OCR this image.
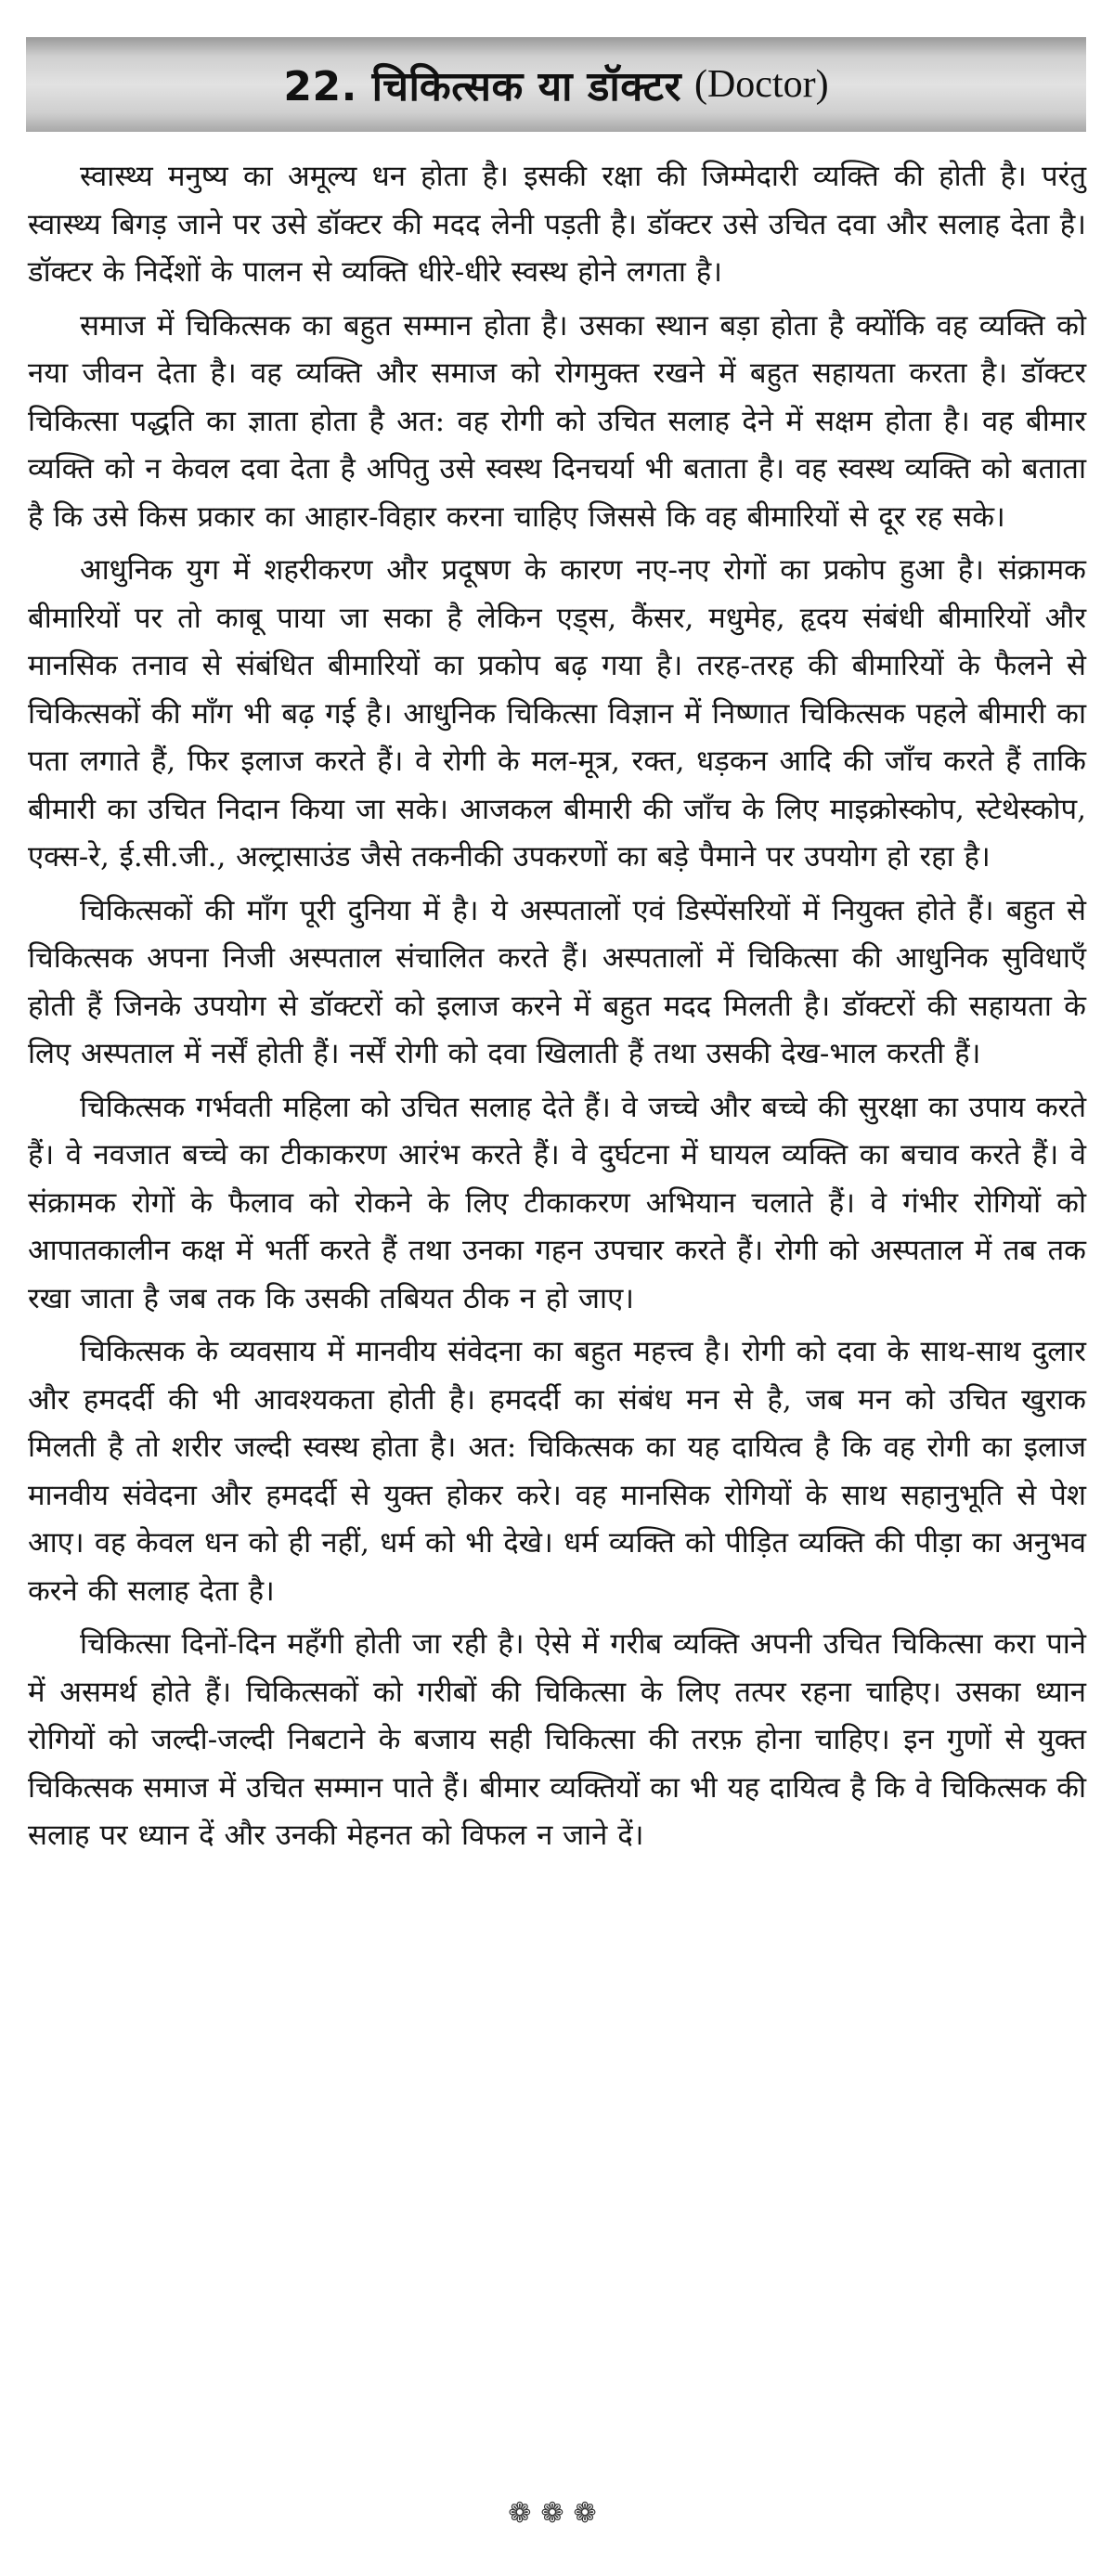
22. चिकित्सक या डॉक्टर (Doctor)

स्वास्थ्य मनुष्य का अमूल्य धन होता है। इसकी रक्षा की जिम्मेदारी व्यक्ति की होती है। परंतु स्वास्थ्य बिगड़ जाने पर उसे डॉक्टर की मदद लेनी पड़ती है। डॉक्टर उसे उचित दवा और सलाह देता है। डॉक्टर के निर्देशों के पालन से व्यक्ति धीरे-धीरे स्वस्थ होने लगता है।

समाज में चिकित्सक का बहुत सम्मान होता है। उसका स्थान बड़ा होता है क्योंकि वह व्यक्ति को नया जीवन देता है। वह व्यक्ति और समाज को रोगमुक्त रखने में बहुत सहायता करता है। डॉक्टर चिकित्सा पद्धति का ज्ञाता होता है अत: वह रोगी को उचित सलाह देने में सक्षम होता है। वह बीमार व्यक्ति को न केवल दवा देता है अपितु उसे स्वस्थ दिनचर्या भी बताता है। वह स्वस्थ व्यक्ति को बताता है कि उसे किस प्रकार का आहार-विहार करना चाहिए जिससे कि वह बीमारियों से दूर रह सके।

आधुनिक युग में शहरीकरण और प्रदूषण के कारण नए-नए रोगों का प्रकोप हुआ है। संक्रामक बीमारियों पर तो काबू पाया जा सका है लेकिन एड्स, कैंसर, मधुमेह, हृदय संबंधी बीमारियों और मानसिक तनाव से संबंधित बीमारियों का प्रकोप बढ़ गया है। तरह-तरह की बीमारियों के फैलने से चिकित्सकों की माँग भी बढ़ गई है। आधुनिक चिकित्सा विज्ञान में निष्णात चिकित्सक पहले बीमारी का पता लगाते हैं, फिर इलाज करते हैं। वे रोगी के मल-मूत्र, रक्त, धड़कन आदि की जाँच करते हैं ताकि बीमारी का उचित निदान किया जा सके। आजकल बीमारी की जाँच के लिए माइक्रोस्कोप, स्टेथेस्कोप, एक्स-रे, ई.सी.जी., अल्ट्रासाउंड जैसे तकनीकी उपकरणों का बड़े पैमाने पर उपयोग हो रहा है।

चिकित्सकों की माँग पूरी दुनिया में है। ये अस्पतालों एवं डिस्पेंसरियों में नियुक्त होते हैं। बहुत से चिकित्सक अपना निजी अस्पताल संचालित करते हैं। अस्पतालों में चिकित्सा की आधुनिक सुविधाएँ होती हैं जिनके उपयोग से डॉक्टरों को इलाज करने में बहुत मदद मिलती है। डॉक्टरों की सहायता के लिए अस्पताल में नर्सें होती हैं। नर्सें रोगी को दवा खिलाती हैं तथा उसकी देख-भाल करती हैं।

चिकित्सक गर्भवती महिला को उचित सलाह देते हैं। वे जच्चे और बच्चे की सुरक्षा का उपाय करते हैं। वे नवजात बच्चे का टीकाकरण आरंभ करते हैं। वे दुर्घटना में घायल व्यक्ति का बचाव करते हैं। वे संक्रामक रोगों के फैलाव को रोकने के लिए टीकाकरण अभियान चलाते हैं। वे गंभीर रोगियों को आपातकालीन कक्ष में भर्ती करते हैं तथा उनका गहन उपचार करते हैं। रोगी को अस्पताल में तब तक रखा जाता है जब तक कि उसकी तबियत ठीक न हो जाए।

चिकित्सक के व्यवसाय में मानवीय संवेदना का बहुत महत्त्व है। रोगी को दवा के साथ-साथ दुलार और हमदर्दी की भी आवश्यकता होती है। हमदर्दी का संबंध मन से है, जब मन को उचित खुराक मिलती है तो शरीर जल्दी स्वस्थ होता है। अत: चिकित्सक का यह दायित्व है कि वह रोगी का इलाज मानवीय संवेदना और हमदर्दी से युक्त होकर करे। वह मानसिक रोगियों के साथ सहानुभूति से पेश आए। वह केवल धन को ही नहीं, धर्म को भी देखे। धर्म व्यक्ति को पीड़ित व्यक्ति की पीड़ा का अनुभव करने की सलाह देता है।

चिकित्सा दिनों-दिन महँगी होती जा रही है। ऐसे में गरीब व्यक्ति अपनी उचित चिकित्सा करा पाने में असमर्थ होते हैं। चिकित्सकों को गरीबों की चिकित्सा के लिए तत्पर रहना चाहिए। उसका ध्यान रोगियों को जल्दी-जल्दी निबटाने के बजाय सही चिकित्सा की तरफ़ होना चाहिए। इन गुणों से युक्त चिकित्सक समाज में उचित सम्मान पाते हैं। बीमार व्यक्तियों का भी यह दायित्व है कि वे चिकित्सक की सलाह पर ध्यान दें और उनकी मेहनत को विफल न जाने दें।

❁❁❁
